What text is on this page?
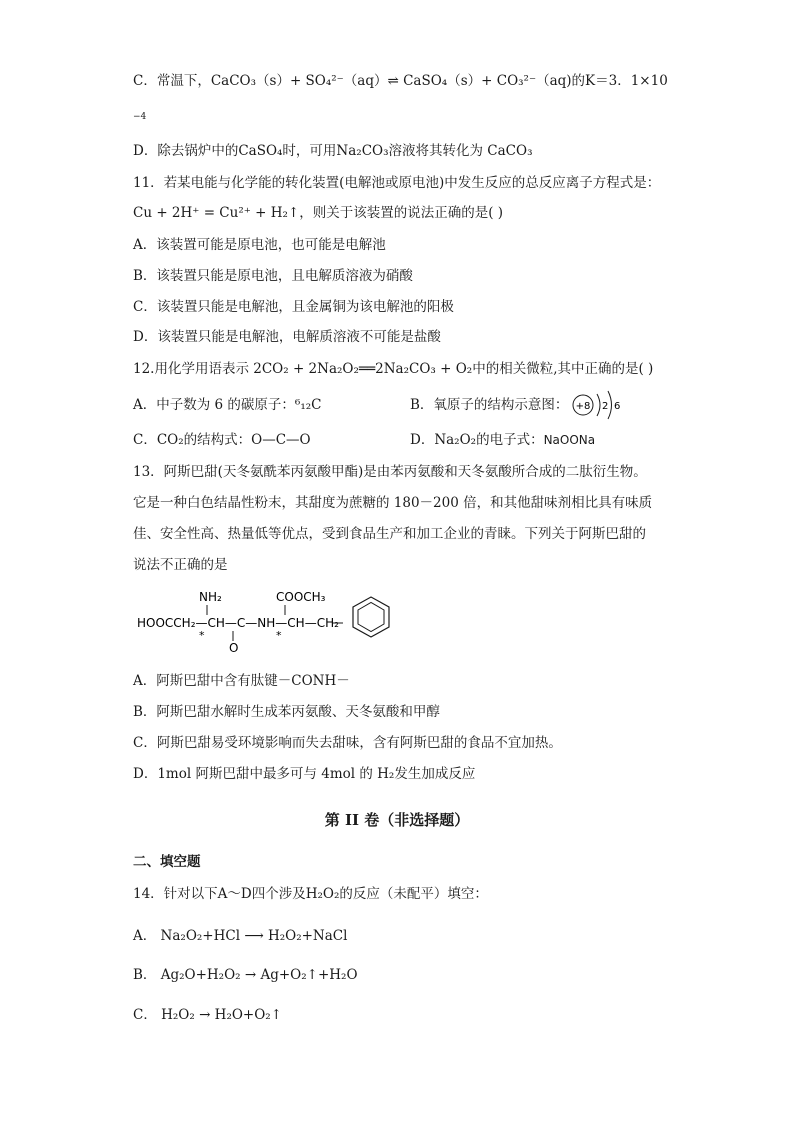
C．常温下，CaCO₃（s）+ SO₄²⁻（aq）⇌ CaSO₄（s）+ CO₃²⁻（aq)的K＝3．1×10
−4
D．除去锅炉中的CaSO₄时，可用Na₂CO₃溶液将其转化为 CaCO₃
11．若某电能与化学能的转化装置(电解池或原电池)中发生反应的总反应离子方程式是：
Cu + 2H⁺ = Cu²⁺ + H₂↑，则关于该装置的说法正确的是( )
A．该装置可能是原电池，也可能是电解池
B．该装置只能是原电池，且电解质溶液为硝酸
C．该装置只能是电解池，且金属铜为该电解池的阳极
D．该装置只能是电解池，电解质溶液不可能是盐酸
12.用化学用语表示 2CO₂ + 2Na₂O₂══2Na₂CO₃ + O₂中的相关微粒,其中正确的是( )
A．中子数为 6 的碳原子：⁶₁₂C	B．氧原子的结构示意图： +8 2 6
C．CO₂的结构式：O—C—O	D．Na₂O₂的电子式：NaOONa
13．阿斯巴甜(天冬氨酰苯丙氨酸甲酯)是由苯丙氨酸和天冬氨酸所合成的二肽衍生物。
它是一种白色结晶性粉末，其甜度为蔗糖的 180－200 倍，和其他甜味剂相比具有味质
佳、安全性高、热量低等优点，受到食品生产和加工企业的青睐。下列关于阿斯巴甜的
说法不正确的是
NH₂	COOCH₃
HOOCCH₂—CH—C—NH—CH—CH₂
*	*
O
A．阿斯巴甜中含有肽键－CONH－
B．阿斯巴甜水解时生成苯丙氨酸、天冬氨酸和甲醇
C．阿斯巴甜易受环境影响而失去甜味，含有阿斯巴甜的食品不宜加热。
D．1mol 阿斯巴甜中最多可与 4mol 的 H₂发生加成反应
第 II 卷（非选择题）
二、填空题
14．针对以下A～D四个涉及H₂O₂的反应（未配平）填空：
A． Na₂O₂+HCl ⟶ H₂O₂+NaCl
B． Ag₂O+H₂O₂ → Ag+O₂↑+H₂O
C． H₂O₂ → H₂O+O₂↑
